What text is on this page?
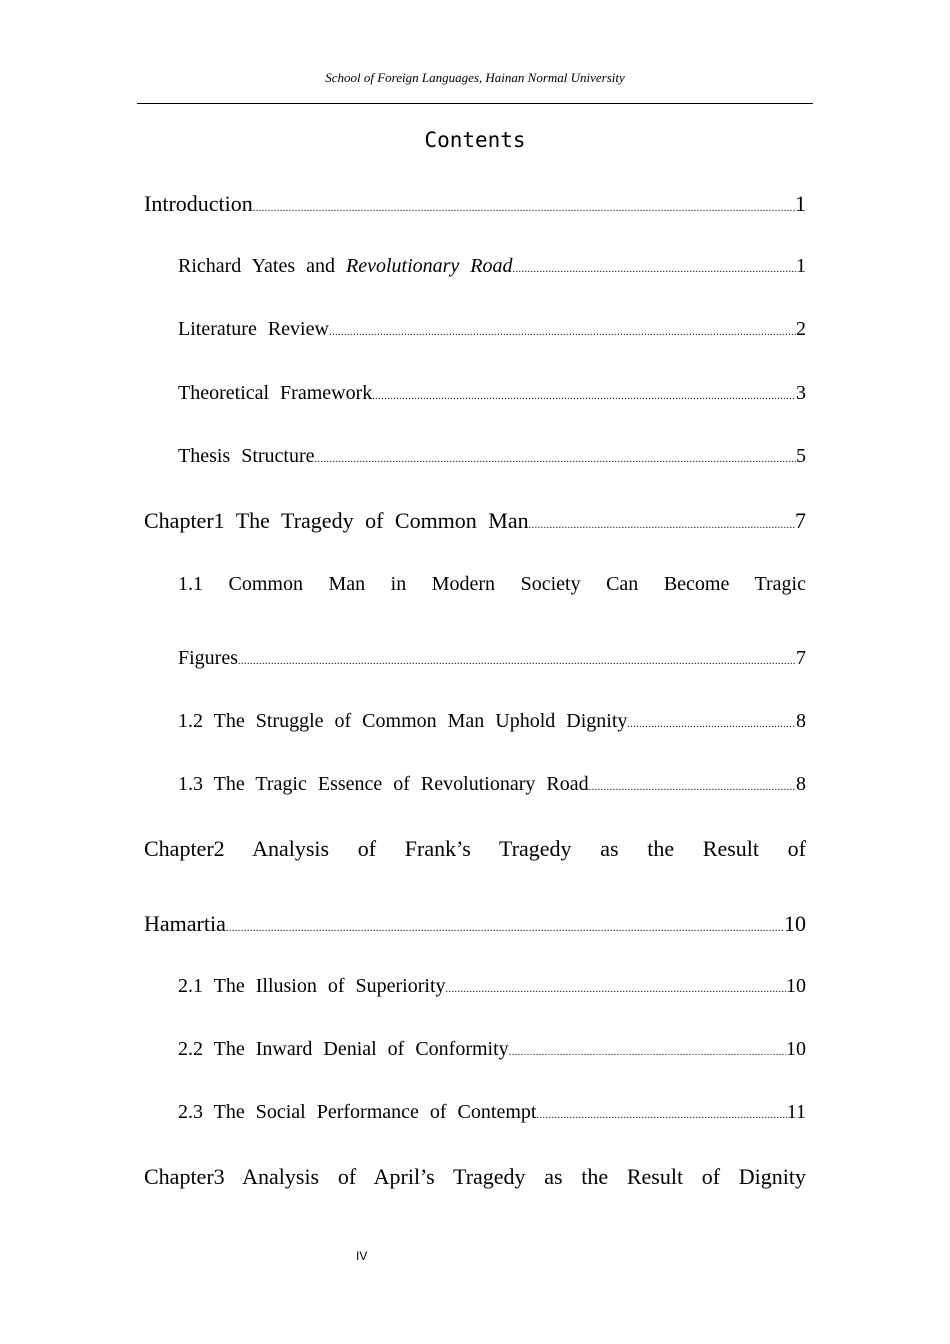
School of Foreign Languages, Hainan Normal University
Contents
Introduction .....	1
Richard Yates and Revolutionary Road .....	1
Literature Review .....	2
Theoretical Framework .....	3
Thesis Structure .....	5
Chapter1 The Tragedy of Common Man .....	7
1.1 Common Man in Modern Society Can Become Tragic
Figures .....	7
1.2 The Struggle of Common Man Uphold Dignity .....	8
1.3 The Tragic Essence of Revolutionary Road .....	8
Chapter2 Analysis of Frank’s Tragedy as the Result of
Hamartia .....	10
2.1 The Illusion of Superiority .....	10
2.2 The Inward Denial of Conformity .....	10
2.3 The Social Performance of Contempt .....	11
Chapter3 Analysis of April’s Tragedy as the Result of Dignity
IV
